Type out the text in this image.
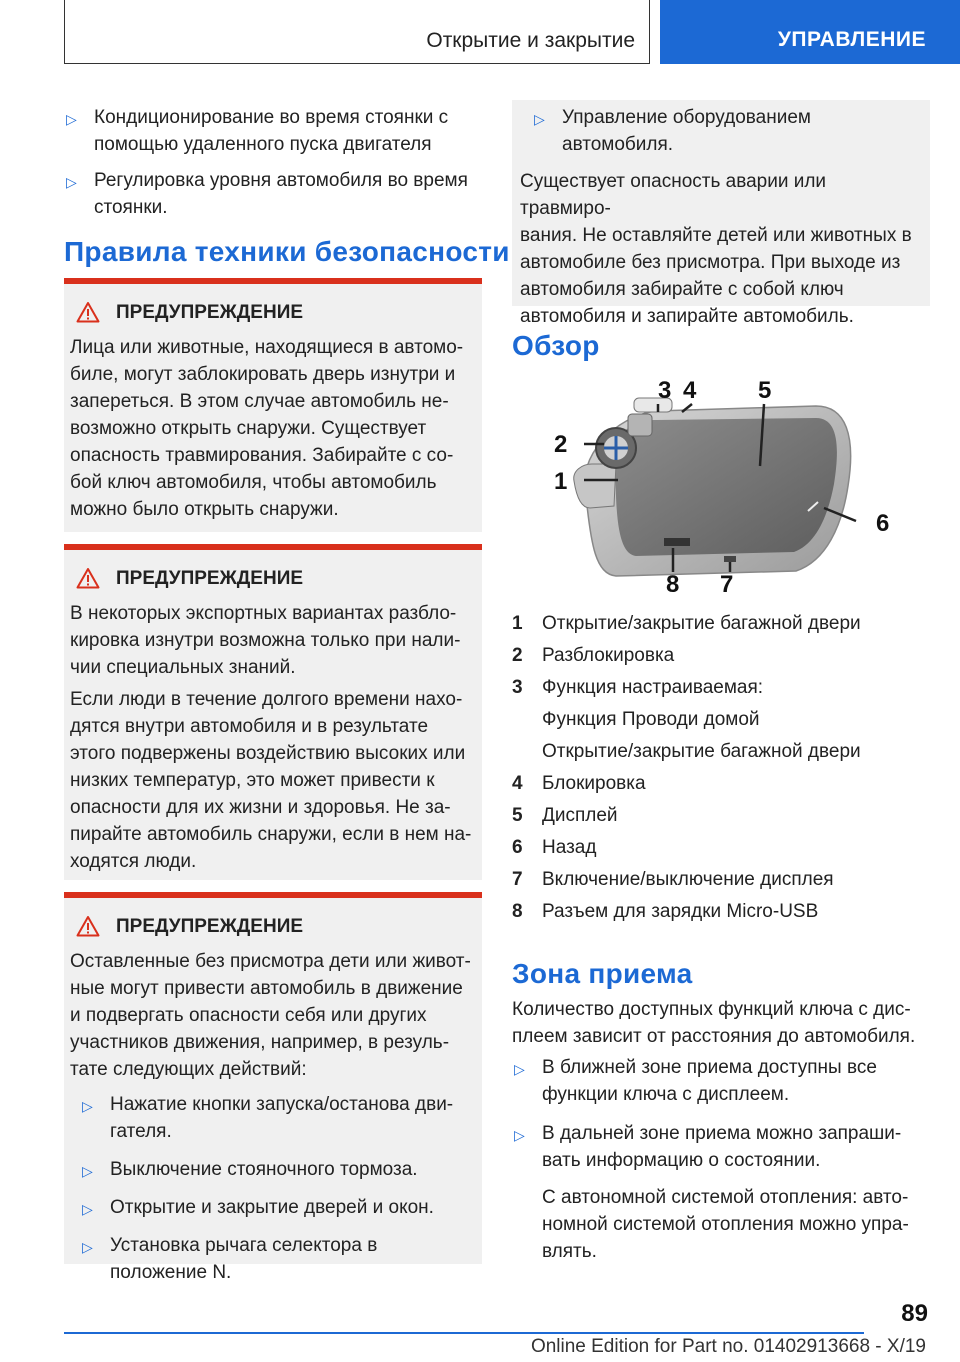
Открытие и закрытие	УПРАВЛЕНИЕ
▷ Кондиционирование во время стоянки с
помощью удаленного пуска двигателя
▷ Регулировка уровня автомобиля во время
стоянки.
Правила техники безопасности
ПРЕДУПРЕЖДЕНИЕ

Лица или животные, находящиеся в автомо-
биле, могут заблокировать дверь изнутри и
запереться. В этом случае автомобиль не-
возможно открыть снаружи. Существует
опасность травмирования. Забирайте с со-
бой ключ автомобиля, чтобы автомобиль
можно было открыть снаружи.

ПРЕДУПРЕЖДЕНИЕ

В некоторых экспортных вариантах разбло-
кировка изнутри возможна только при нали-
чии специальных знаний.

Если люди в течение долгого времени нахо-
дятся внутри автомобиля и в результате
этого подвержены воздействию высоких или
низких температур, это может привести к
опасности для их жизни и здоровья. Не за-
пирайте автомобиль снаружи, если в нем на-
ходятся люди.

ПРЕДУПРЕЖДЕНИЕ

Оставленные без присмотра дети или живот-
ные могут привести автомобиль в движение
и подвергать опасности себя или других
участников движения, например, в резуль-
тате следующих действий:

▷ Нажатие кнопки запуска/останова дви-
гателя.
▷ Выключение стояночного тормоза.
▷ Открытие и закрытие дверей и окон.
▷ Установка рычага селектора в
положение N.
▷ Управление оборудованием
автомобиля.

Существует опасность аварии или травмиро-
вания. Не оставляйте детей или животных в
автомобиле без присмотра. При выходе из
автомобиля забирайте с собой ключ
автомобиля и запирайте автомобиль.

Обзор
1
2
3 4	5
6
8 7
1	Открытие/закрытие багажной двери
2	Разблокировка
3	Функция настраиваемая:
Функция Проводи домой
Открытие/закрытие багажной двери
4	Блокировка
5	Дисплей
6	Назад
7	Включение/выключение дисплея
8	Разъем для зарядки Micro-USB
Зона приема
Количество доступных функций ключа с дис-
плеем зависит от расстояния до автомобиля.
▷ В ближней зоне приема доступны все
функции ключа с дисплеем.
▷ В дальней зоне приема можно запраши-
вать информацию о состоянии.
С автономной системой отопления: авто-
номной системой отопления можно упра-
влять.
89
Online Edition for Part no. 01402913668 - X/19
